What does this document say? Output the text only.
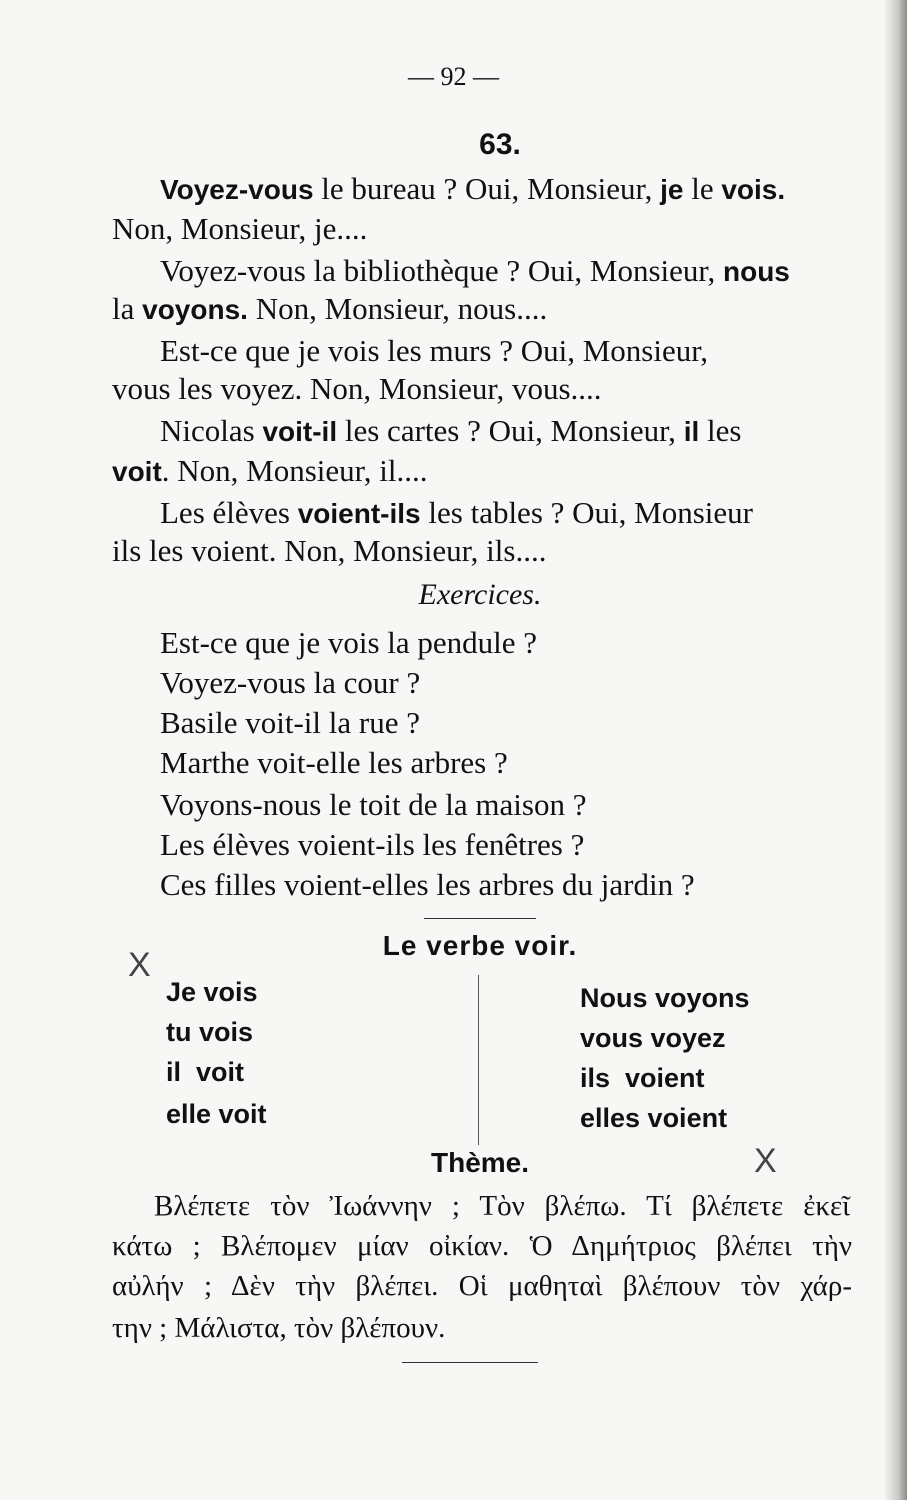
— 92 —
63.
Voyez-vous le bureau ? Oui, Monsieur, je le vois.
Non, Monsieur, je....
Voyez-vous la bibliothèque ? Oui, Monsieur, nous
la voyons. Non, Monsieur, nous....
Est-ce que je vois les murs ? Oui, Monsieur,
vous les voyez. Non, Monsieur, vous....
Nicolas voit-il les cartes ? Oui, Monsieur, il les
voit. Non, Monsieur, il....
Les élèves voient-ils les tables ? Oui, Monsieur
ils les voient. Non, Monsieur, ils....
Exercices.
Est-ce que je vois la pendule ?
Voyez-vous la cour ?
Basile voit-il la rue ?
Marthe voit-elle les arbres ?
Voyons-nous le toit de la maison ?
Les élèves voient-ils les fenêtres ?
Ces filles voient-elles les arbres du jardin ?
Le verbe voir.
X
Je vois
tu vois
il  voit
elle voit
Nous voyons
vous voyez
ils  voient
elles voient
Thème.	X
Βλέπετε τὸν Ἰωάννην ; Τὸν βλέπω. Τί βλέπετε ἐκεῖ
κάτω ; Βλέπομεν μίαν οἰκίαν. Ὁ Δημήτριος βλέπει τὴν
αὐλήν ; Δὲν τὴν βλέπει. Οἱ μαθηταὶ βλέπουν τὸν χάρ-
την ; Μάλιστα, τὸν βλέπουν.
